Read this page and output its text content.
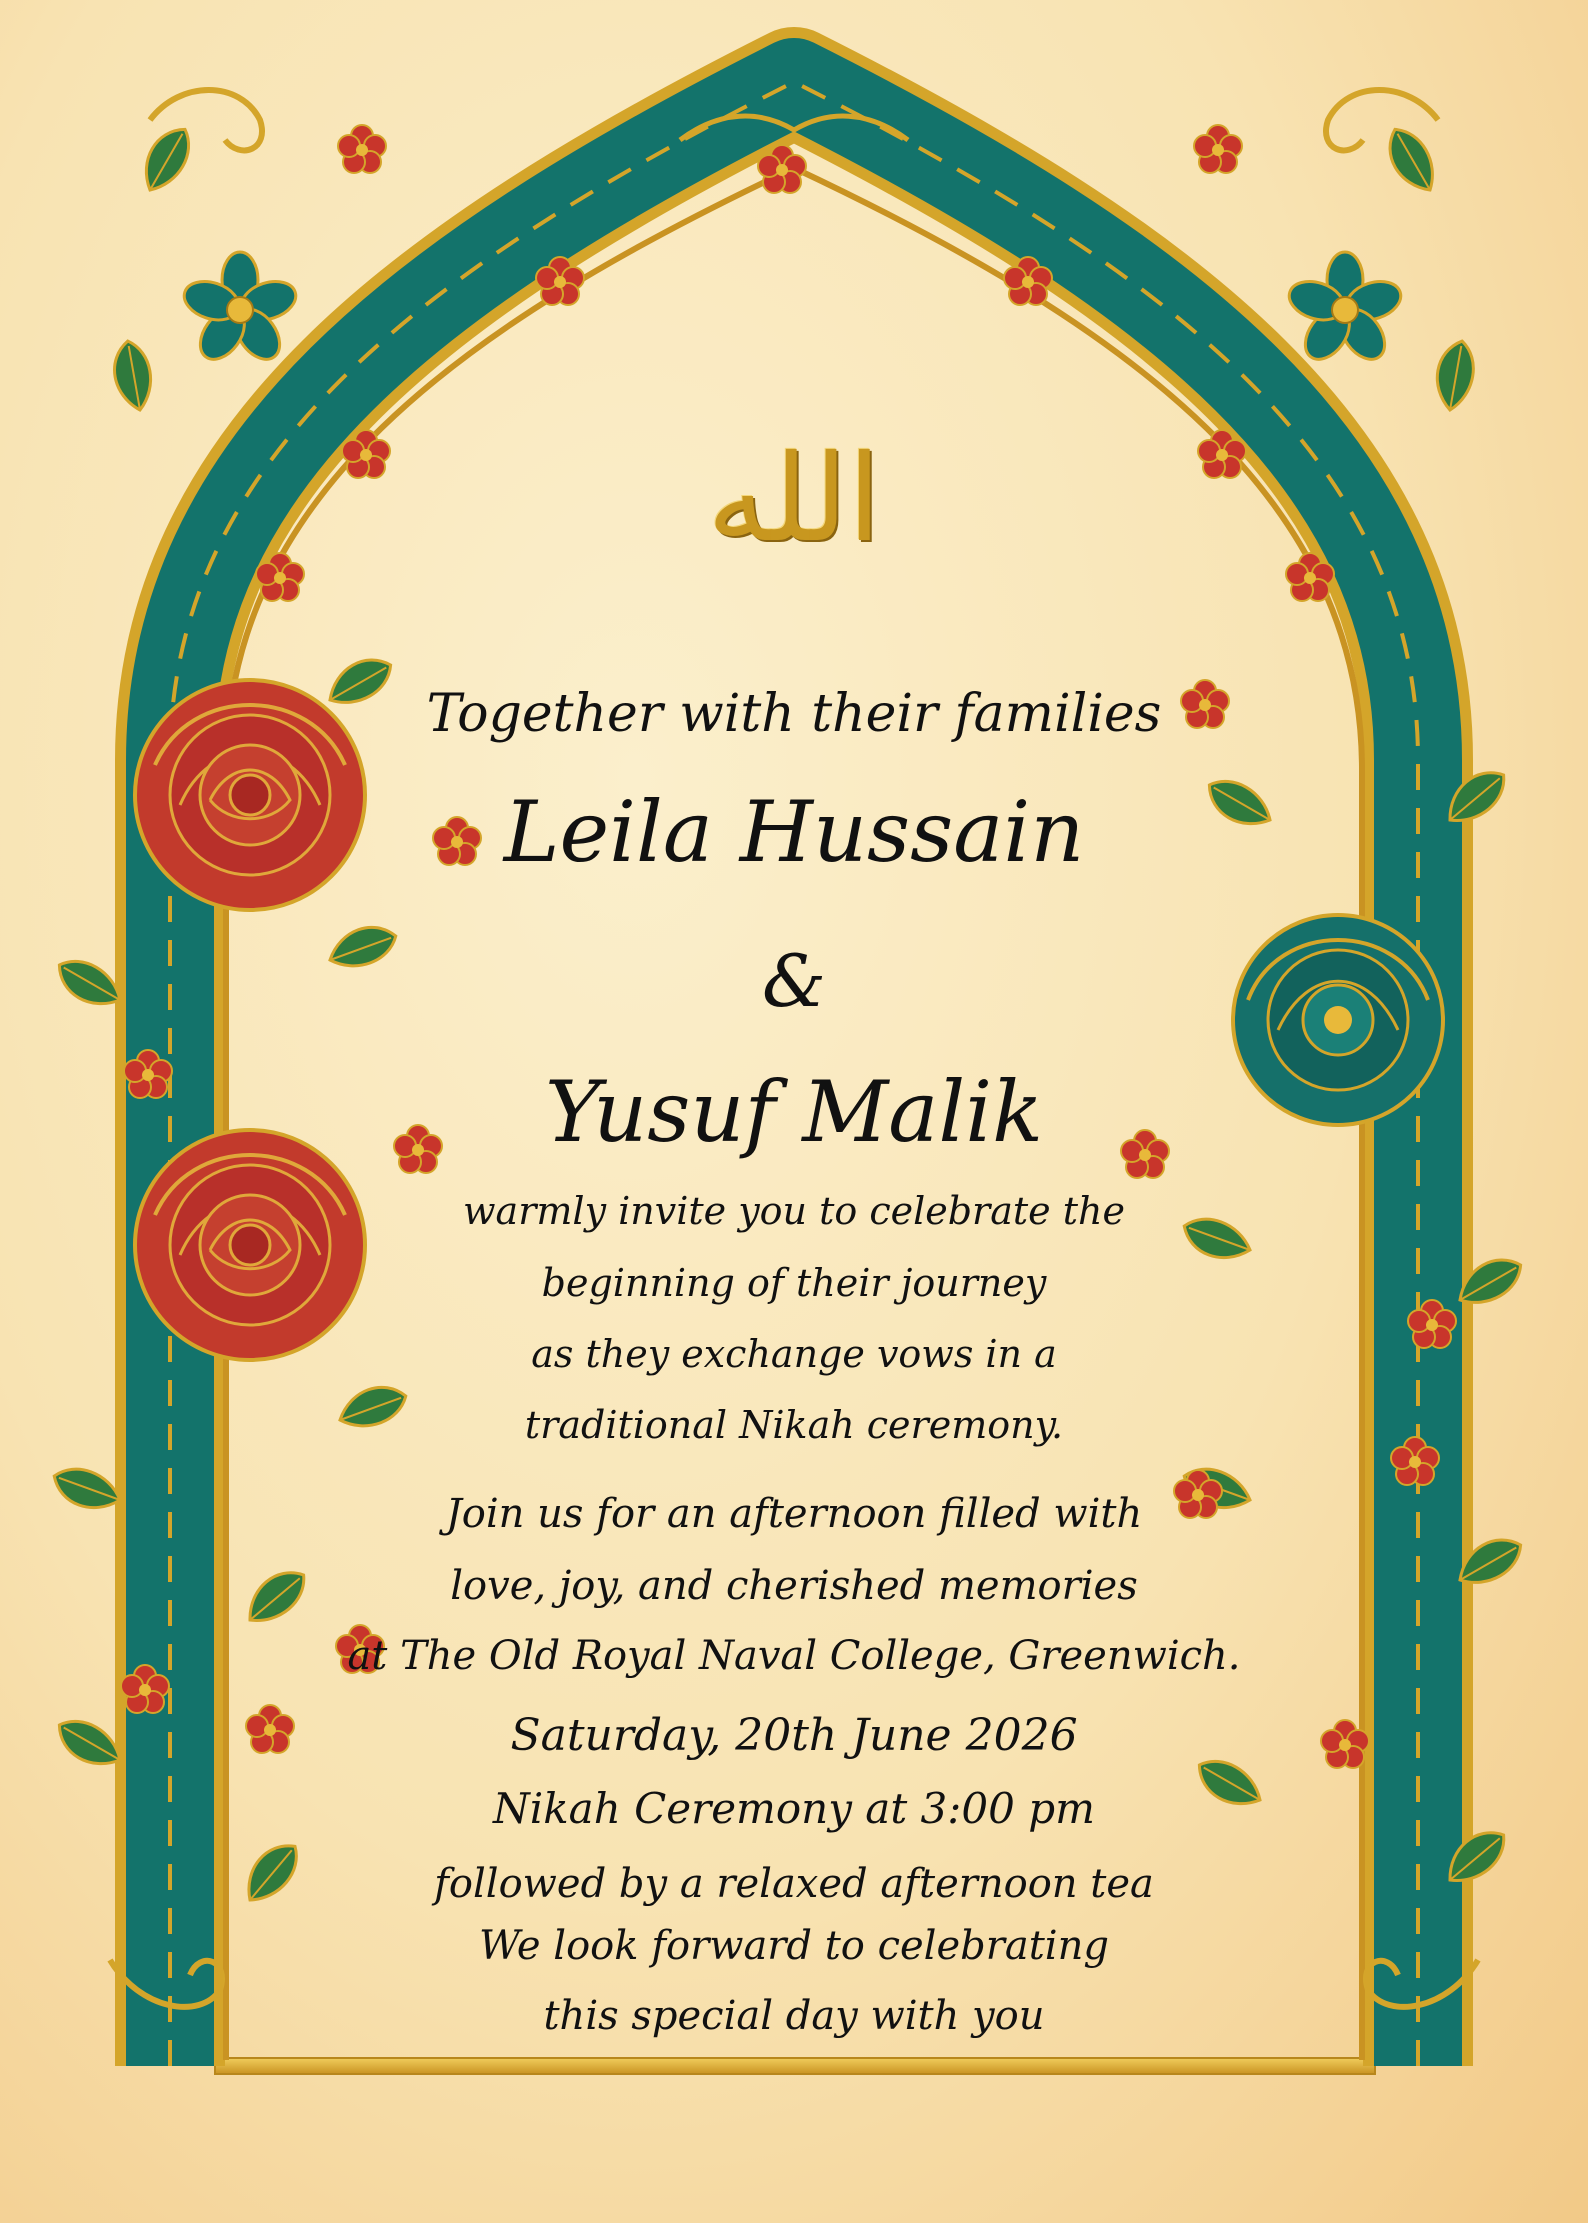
الله
Together with their families
Leila Hussain
&
Yusuf Malik
warmly invite you to celebrate the
beginning of their journey
as they exchange vows in a
traditional Nikah ceremony.
Join us for an afternoon filled with
love, joy, and cherished memories
at The Old Royal Naval College, Greenwich.
Saturday, 20th June 2026
Nikah Ceremony at 3:00 pm
followed by a relaxed afternoon tea
We look forward to celebrating
this special day with you
